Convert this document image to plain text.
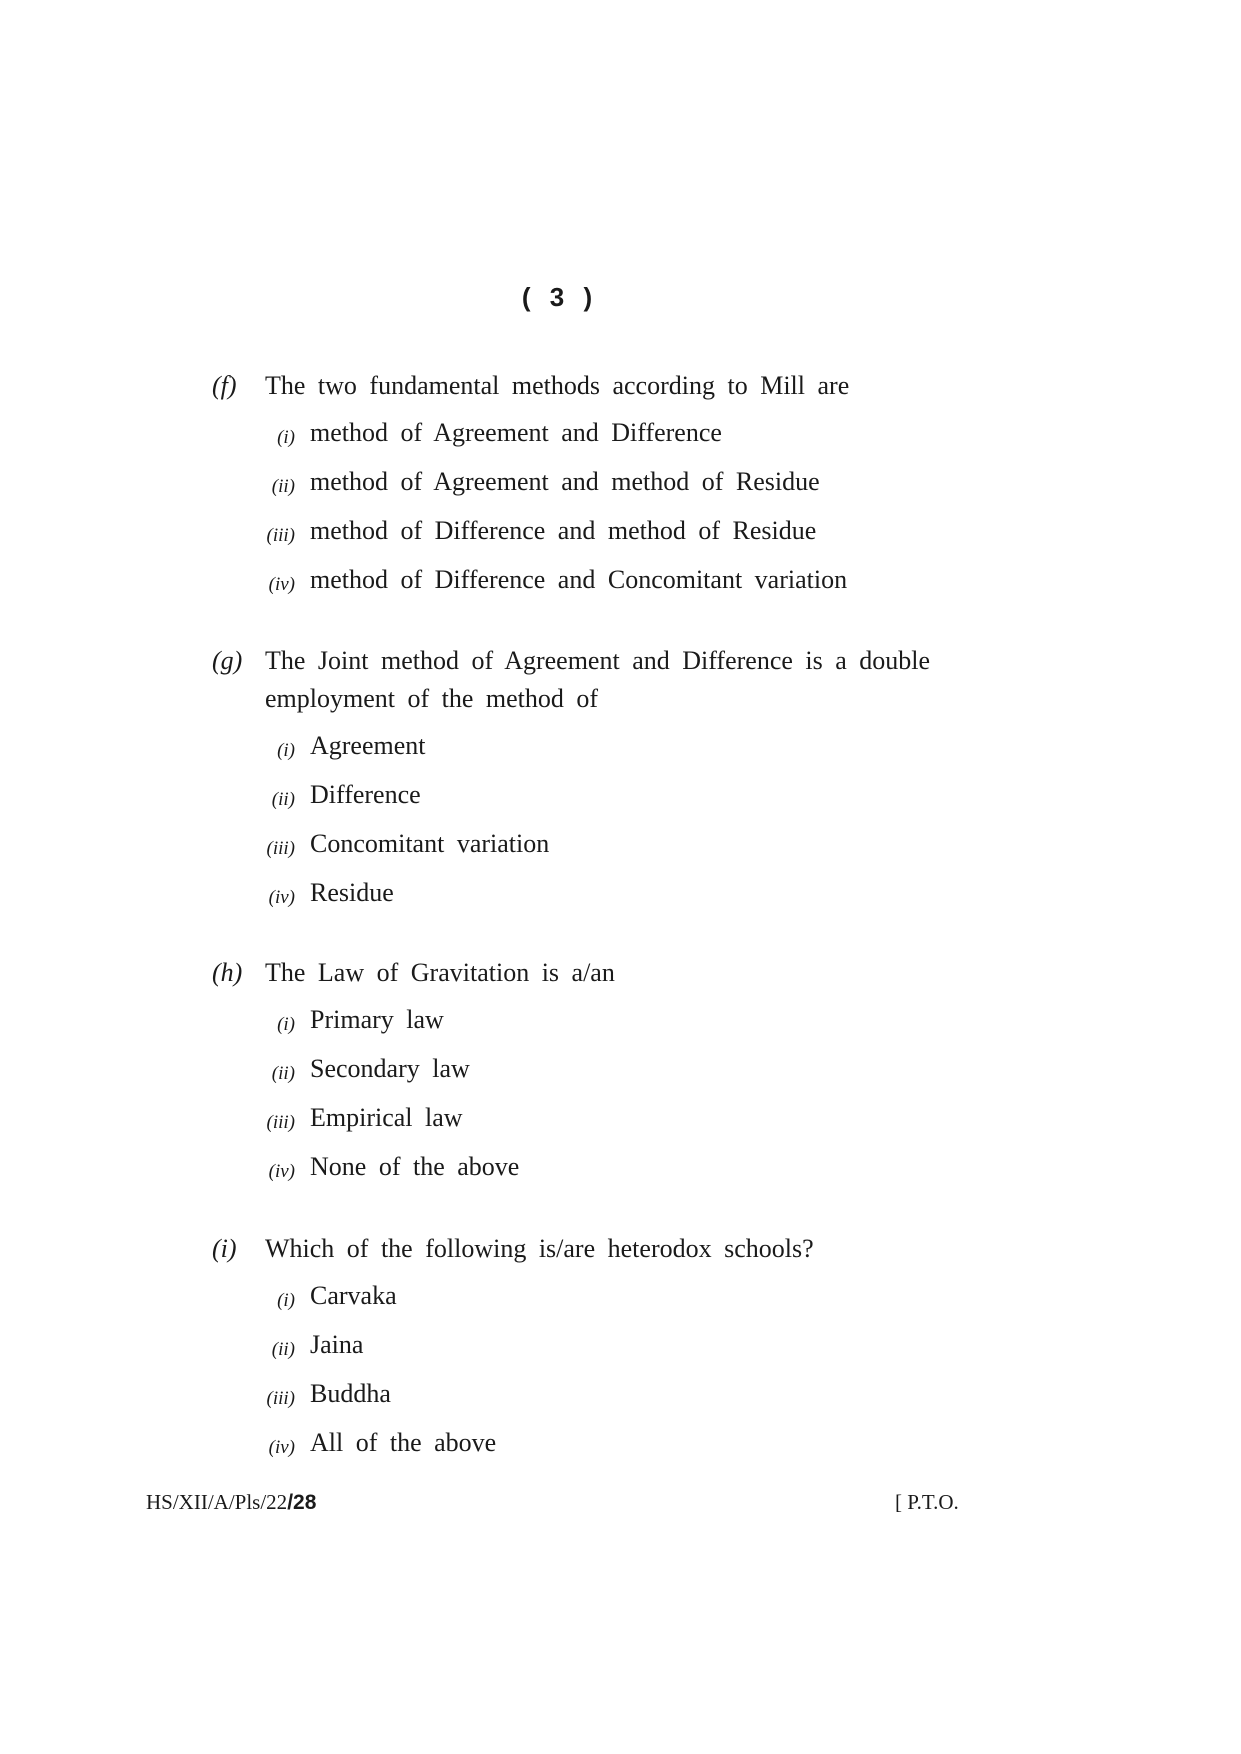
( 3 )
(f) The two fundamental methods according to Mill are
(i) method of Agreement and Difference
(ii) method of Agreement and method of Residue
(iii) method of Difference and method of Residue
(iv) method of Difference and Concomitant variation
(g) The Joint method of Agreement and Difference is a double employment of the method of
(i) Agreement
(ii) Difference
(iii) Concomitant variation
(iv) Residue
(h) The Law of Gravitation is a/an
(i) Primary law
(ii) Secondary law
(iii) Empirical law
(iv) None of the above
(i) Which of the following is/are heterodox schools?
(i) Carvaka
(ii) Jaina
(iii) Buddha
(iv) All of the above
HS/XII/A/Pls/22/28	[ P.T.O.
